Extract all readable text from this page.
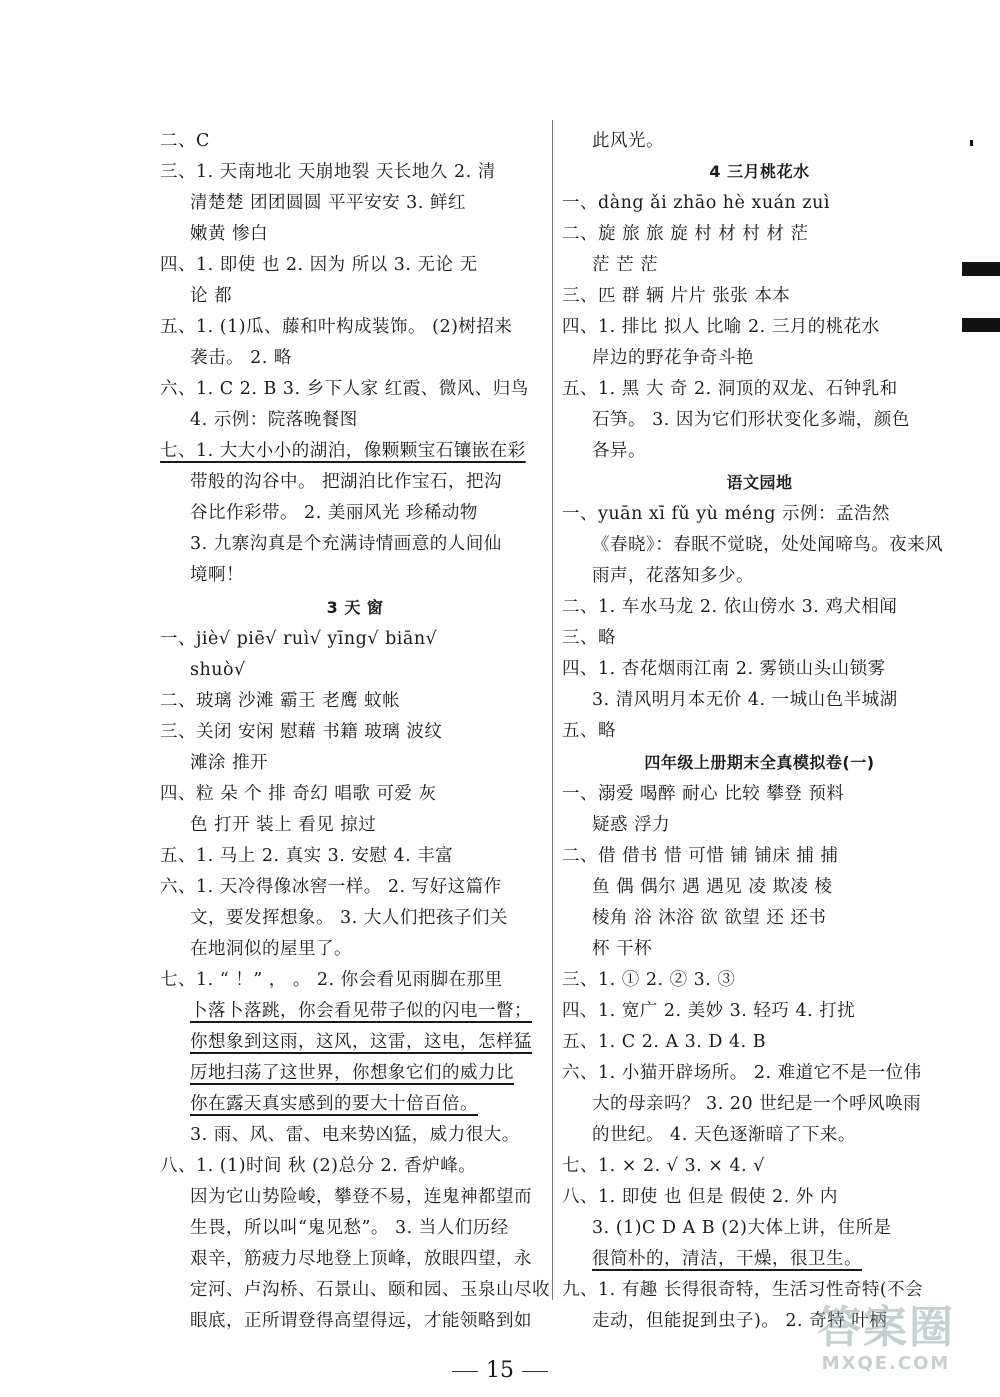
二、C
三、1. 天南地北 天崩地裂 天长地久 2. 清
清楚楚 团团圆圆 平平安安 3. 鲜红
嫩黄 惨白
四、1. 即使 也 2. 因为 所以 3. 无论 无
论 都
五、1. (1)瓜、藤和叶构成装饰。 (2)树招来
袭击。 2. 略
六、1. C 2. B 3. 乡下人家 红霞、微风、归鸟
4. 示例：院落晚餐图
七、1. 大大小小的湖泊，像颗颗宝石镶嵌在彩
带般的沟谷中。 把湖泊比作宝石，把沟
谷比作彩带。 2. 美丽风光 珍稀动物
3. 九寨沟真是个充满诗情画意的人间仙
境啊！
3 天 窗
一、jiè√ piē√ ruì√ yīng√ biān√
shuò√
二、玻璃 沙滩 霸王 老鹰 蚊帐
三、关闭 安闲 慰藉 书籍 玻璃 波纹
滩涂 推开
四、粒 朵 个 排 奇幻 唱歌 可爱 灰
色 打开 装上 看见 掠过
五、1. 马上 2. 真实 3. 安慰 4. 丰富
六、1. 天冷得像冰窖一样。 2. 写好这篇作
文，要发挥想象。 3. 大人们把孩子们关
在地洞似的屋里了。
七、1. “ ！” ， 。 2. 你会看见雨脚在那里
卜落卜落跳，你会看见带子似的闪电一瞥；
你想象到这雨，这风，这雷，这电，怎样猛
厉地扫荡了这世界，你想象它们的威力比
你在露天真实感到的要大十倍百倍。
3. 雨、风、雷、电来势凶猛，威力很大。
八、1. (1)时间 秋 (2)总分 2. 香炉峰。
因为它山势险峻，攀登不易，连鬼神都望而
生畏，所以叫“鬼见愁”。 3. 当人们历经
艰辛，筋疲力尽地登上顶峰，放眼四望，永
定河、卢沟桥、石景山、颐和园、玉泉山尽收
眼底，正所谓登得高望得远，才能领略到如
此风光。
4 三月桃花水
一、dàng ǎi zhāo hè xuán zuì
二、旋 旅 旅 旋 村 材 村 材 茫
茫 芒 茫
三、匹 群 辆 片片 张张 本本
四、1. 排比 拟人 比喻 2. 三月的桃花水
岸边的野花争奇斗艳
五、1. 黑 大 奇 2. 洞顶的双龙、石钟乳和
石笋。 3. 因为它们形状变化多端，颜色
各异。
语文园地
一、yuān xī fǔ yù méng 示例：孟浩然
《春晓》：春眠不觉晓，处处闻啼鸟。夜来风
雨声，花落知多少。
二、1. 车水马龙 2. 依山傍水 3. 鸡犬相闻
三、略
四、1. 杏花烟雨江南 2. 雾锁山头山锁雾
3. 清风明月本无价 4. 一城山色半城湖
五、略
四年级上册期末全真模拟卷(一)
一、溺爱 喝醉 耐心 比较 攀登 预料
疑惑 浮力
二、借 借书 惜 可惜 铺 铺床 捕 捕
鱼 偶 偶尔 遇 遇见 凌 欺凌 棱
棱角 浴 沐浴 欲 欲望 还 还书
杯 干杯
三、1. ① 2. ② 3. ③
四、1. 宽广 2. 美妙 3. 轻巧 4. 打扰
五、1. C 2. A 3. D 4. B
六、1. 小猫开辟场所。 2. 难道它不是一位伟
大的母亲吗？ 3. 20 世纪是一个呼风唤雨
的世纪。 4. 天色逐渐暗了下来。
七、1. × 2. √ 3. × 4. √
八、1. 即使 也 但是 假使 2. 外 内
3. (1)C D A B (2)大体上讲，住所是
很简朴的，清洁，干燥，很卫生。
九、1. 有趣 长得很奇特，生活习性奇特(不会
走动，但能捉到虫子)。 2. 奇特 叶柄
15
答案圈
MXQE.COM
